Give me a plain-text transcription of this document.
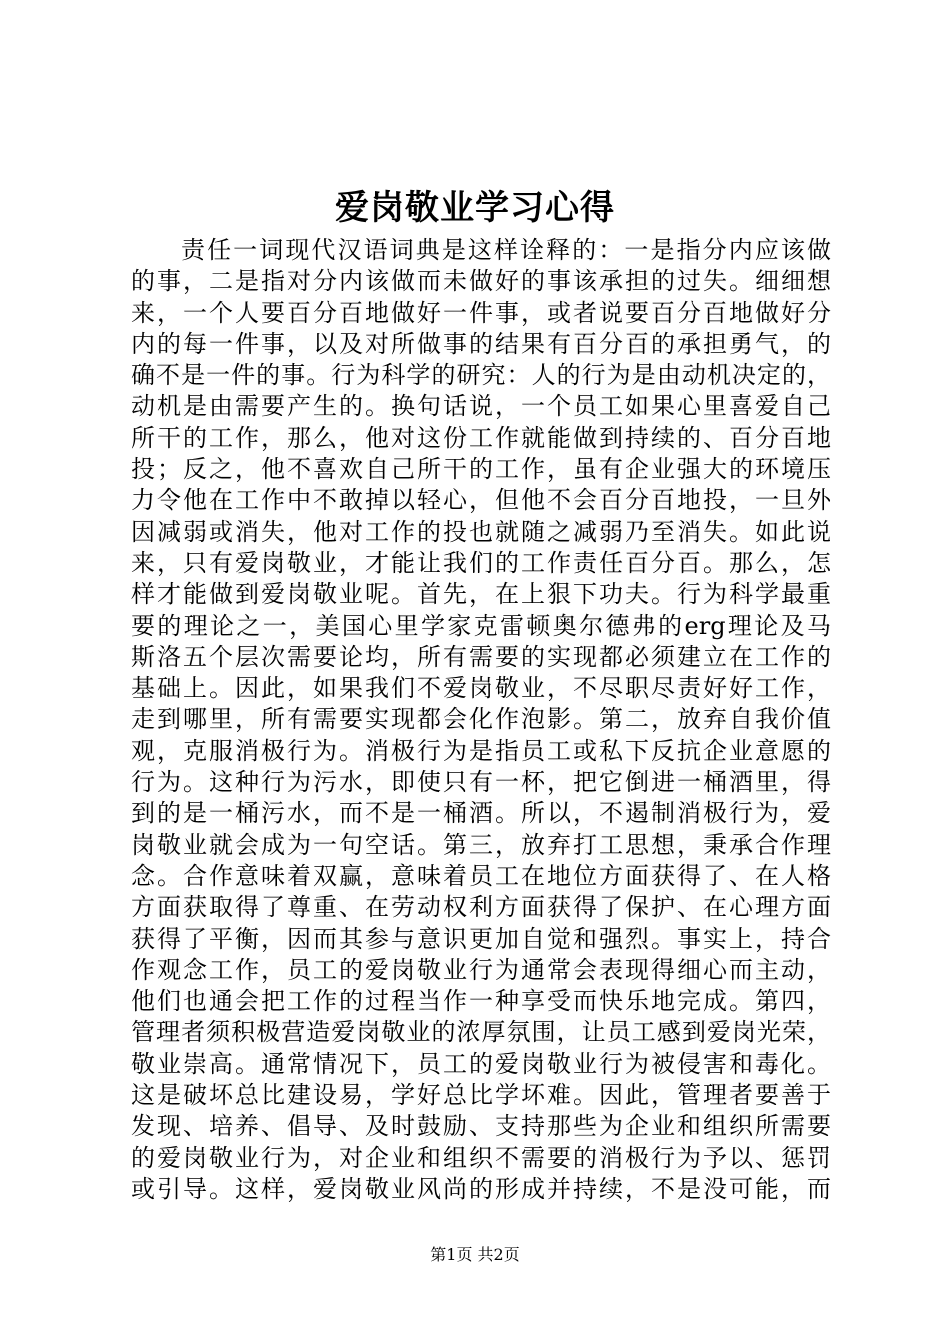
爱岗敬业学习心得
责任一词现代汉语词典是这样诠释的：一是指分内应该做
的事，二是指对分内该做而未做好的事该承担的过失。细细想
来，一个人要百分百地做好一件事，或者说要百分百地做好分
内的每一件事，以及对所做事的结果有百分百的承担勇气，的
确不是一件的事。行为科学的研究：人的行为是由动机决定的，
动机是由需要产生的。换句话说，一个员工如果心里喜爱自己
所干的工作，那么，他对这份工作就能做到持续的、百分百地
投；反之，他不喜欢自己所干的工作，虽有企业强大的环境压
力令他在工作中不敢掉以轻心，但他不会百分百地投，一旦外
因减弱或消失，他对工作的投也就随之减弱乃至消失。如此说
来，只有爱岗敬业，才能让我们的工作责任百分百。那么，怎
样才能做到爱岗敬业呢。首先，在上狠下功夫。行为科学最重
要的理论之一，美国心里学家克雷顿奥尔德弗的erg理论及马
斯洛五个层次需要论均，所有需要的实现都必须建立在工作的
基础上。因此，如果我们不爱岗敬业，不尽职尽责好好工作，
走到哪里，所有需要实现都会化作泡影。第二，放弃自我价值
观，克服消极行为。消极行为是指员工或私下反抗企业意愿的
行为。这种行为污水，即使只有一杯，把它倒进一桶酒里，得
到的是一桶污水，而不是一桶酒。所以，不遏制消极行为，爱
岗敬业就会成为一句空话。第三，放弃打工思想，秉承合作理
念。合作意味着双赢，意味着员工在地位方面获得了、在人格
方面获取得了尊重、在劳动权利方面获得了保护、在心理方面
获得了平衡，因而其参与意识更加自觉和强烈。事实上，持合
作观念工作，员工的爱岗敬业行为通常会表现得细心而主动，
他们也通会把工作的过程当作一种享受而快乐地完成。第四，
管理者须积极营造爱岗敬业的浓厚氛围，让员工感到爱岗光荣，
敬业崇高。通常情况下，员工的爱岗敬业行为被侵害和毒化。
这是破坏总比建设易，学好总比学坏难。因此，管理者要善于
发现、培养、倡导、及时鼓励、支持那些为企业和组织所需要
的爱岗敬业行为，对企业和组织不需要的消极行为予以、惩罚
或引导。这样，爱岗敬业风尚的形成并持续，不是没可能，而
第1页 共2页
